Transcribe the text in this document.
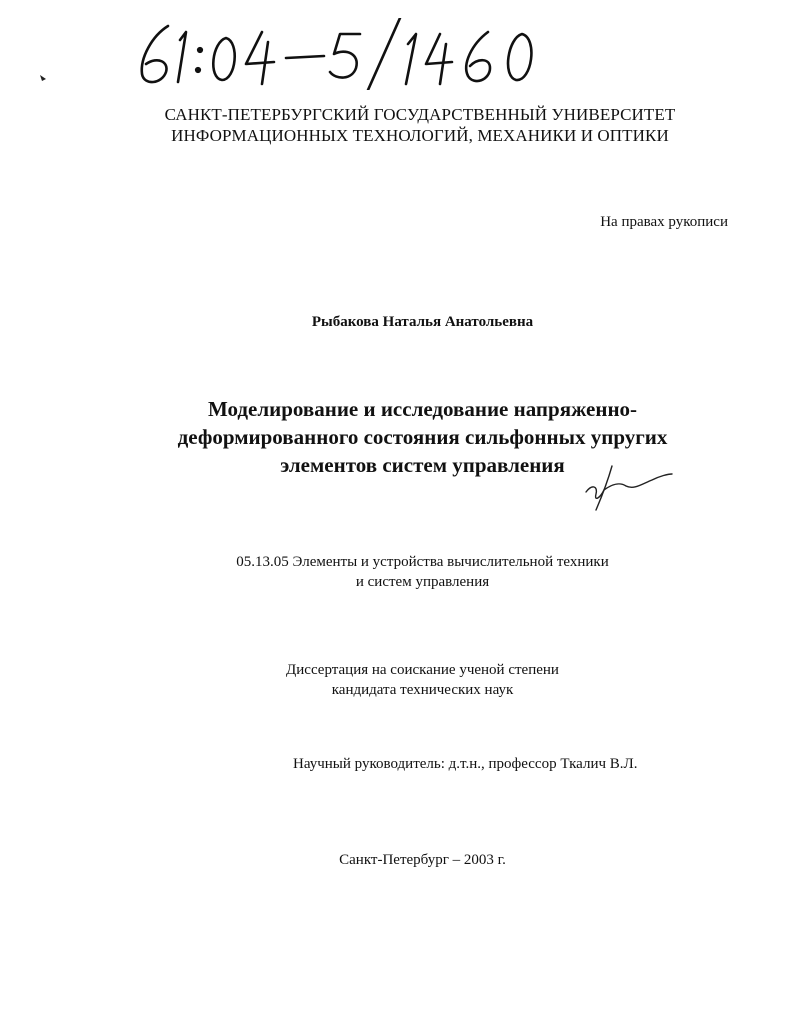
САНКТ-ПЕТЕРБУРГСКИЙ ГОСУДАРСТВЕННЫЙ УНИВЕРСИТЕТ
ИНФОРМАЦИОННЫХ ТЕХНОЛОГИЙ, МЕХАНИКИ И ОПТИКИ
На правах рукописи
Рыбакова Наталья Анатольевна
Моделирование и исследование напряженно-
деформированного состояния сильфонных упругих
элементов систем управления
05.13.05 Элементы и устройства вычислительной техники
и систем управления
Диссертация на соискание ученой степени
кандидата технических наук
Научный руководитель: д.т.н., профессор Ткалич В.Л.
Санкт-Петербург – 2003 г.
